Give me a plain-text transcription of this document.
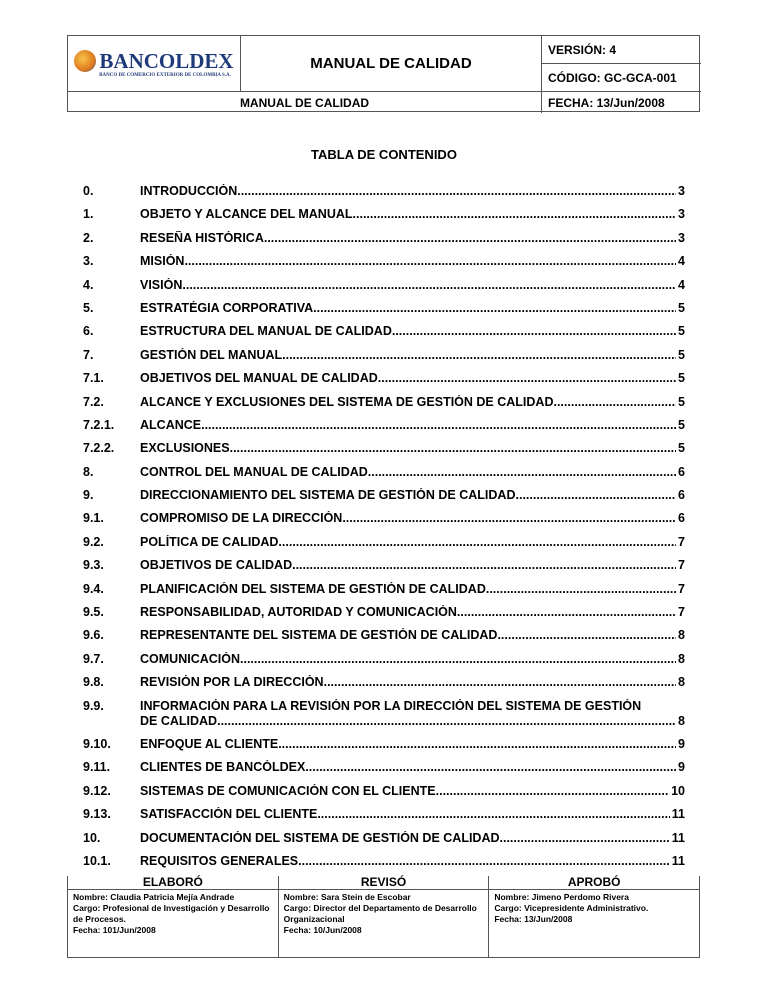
BANCOLDEX
BANCO DE COMERCIO EXTERIOR DE COLOMBIA S.A.
MANUAL DE CALIDAD
VERSIÓN: 4
CÓDIGO: GC-GCA-001
MANUAL DE CALIDAD	FECHA: 13/Jun/2008
TABLA DE CONTENIDO
0.	INTRODUCCIÓN .....	3
1.	OBJETO Y ALCANCE DEL MANUAL .....	3
2.	RESEÑA HISTÓRICA .....	3
3.	MISIÓN .....	4
4.	VISIÓN .....	4
5.	ESTRATÉGIA CORPORATIVA .....	5
6.	ESTRUCTURA DEL MANUAL DE CALIDAD .....	5
7.	GESTIÓN DEL MANUAL .....	5
7.1.	OBJETIVOS DEL MANUAL DE CALIDAD .....	5
7.2.	ALCANCE Y EXCLUSIONES DEL SISTEMA DE GESTIÓN DE CALIDAD .....	5
7.2.1.	ALCANCE .....	5
7.2.2.	EXCLUSIONES .....	5
8.	CONTROL DEL MANUAL DE CALIDAD .....	6
9.	DIRECCIONAMIENTO DEL SISTEMA DE GESTIÓN DE CALIDAD .....	6
9.1.	COMPROMISO DE LA DIRECCIÓN .....	6
9.2.	POLÍTICA DE CALIDAD .....	7
9.3.	OBJETIVOS DE CALIDAD .....	7
9.4.	PLANIFICACIÓN DEL SISTEMA DE GESTIÓN DE CALIDAD .....	7
9.5.	RESPONSABILIDAD, AUTORIDAD Y COMUNICACIÓN .....	7
9.6.	REPRESENTANTE DEL SISTEMA DE GESTIÓN DE CALIDAD .....	8
9.7.	COMUNICACIÓN .....	8
9.8.	REVISIÓN POR LA DIRECCIÓN .....	8
9.9.	INFORMACIÓN PARA LA REVISIÓN POR LA DIRECCIÓN DEL SISTEMA DE GESTIÓN
DE CALIDAD .....	8
9.10.	ENFOQUE AL CLIENTE .....	9
9.11.	CLIENTES DE BANCÓLDEX .....	9
9.12.	SISTEMAS DE COMUNICACIÓN CON EL CLIENTE .....	10
9.13.	SATISFACCIÓN DEL CLIENTE .....	11
10.	DOCUMENTACIÓN DEL SISTEMA DE GESTIÓN DE CALIDAD .....	11
10.1.	REQUISITOS GENERALES .....	11
ELABORÓ
Nombre: Claudia Patricia Mejía Andrade
Cargo: Profesional de Investigación y Desarrollo de Procesos.
Fecha: 101/Jun/2008
REVISÓ
Nombre: Sara Stein de Escobar
Cargo: Director del Departamento de Desarrollo Organizacional
Fecha: 10/Jun/2008
APROBÓ
Nombre: Jimeno Perdomo Rivera
Cargo: Vicepresidente Administrativo.
Fecha: 13/Jun/2008
